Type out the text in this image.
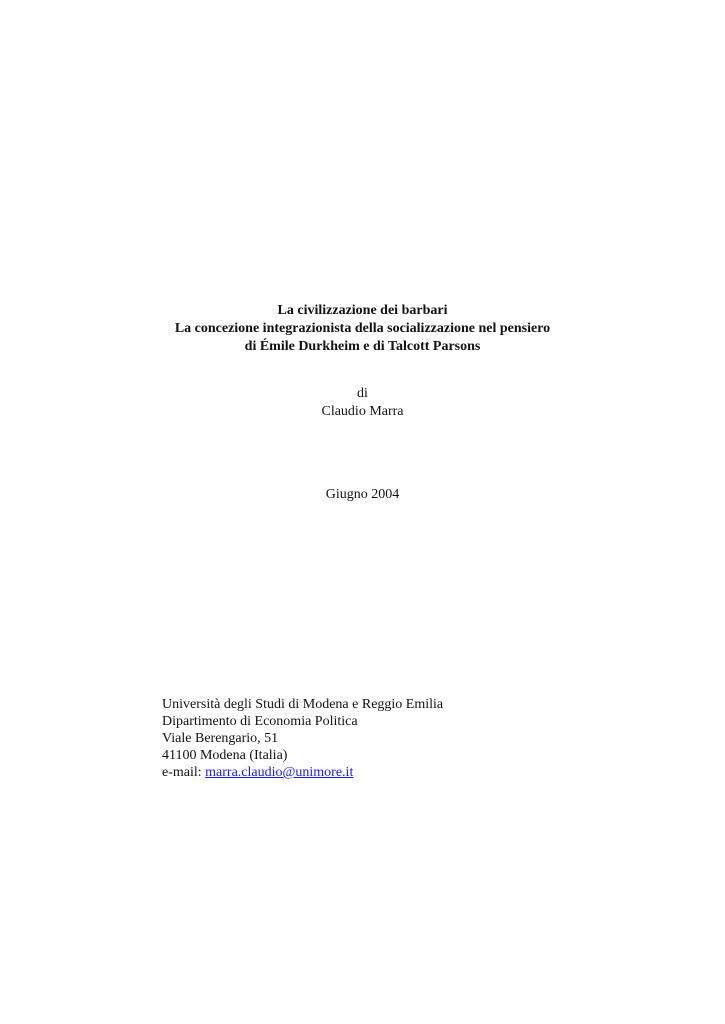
La civilizzazione dei barbari
La concezione integrazionista della socializzazione nel pensiero
di Émile Durkheim e di Talcott Parsons
di
Claudio Marra
Giugno 2004
Università degli Studi di Modena e Reggio Emilia
Dipartimento di Economia Politica
Viale Berengario, 51
41100 Modena (Italia)
e-mail: marra.claudio@unimore.it
